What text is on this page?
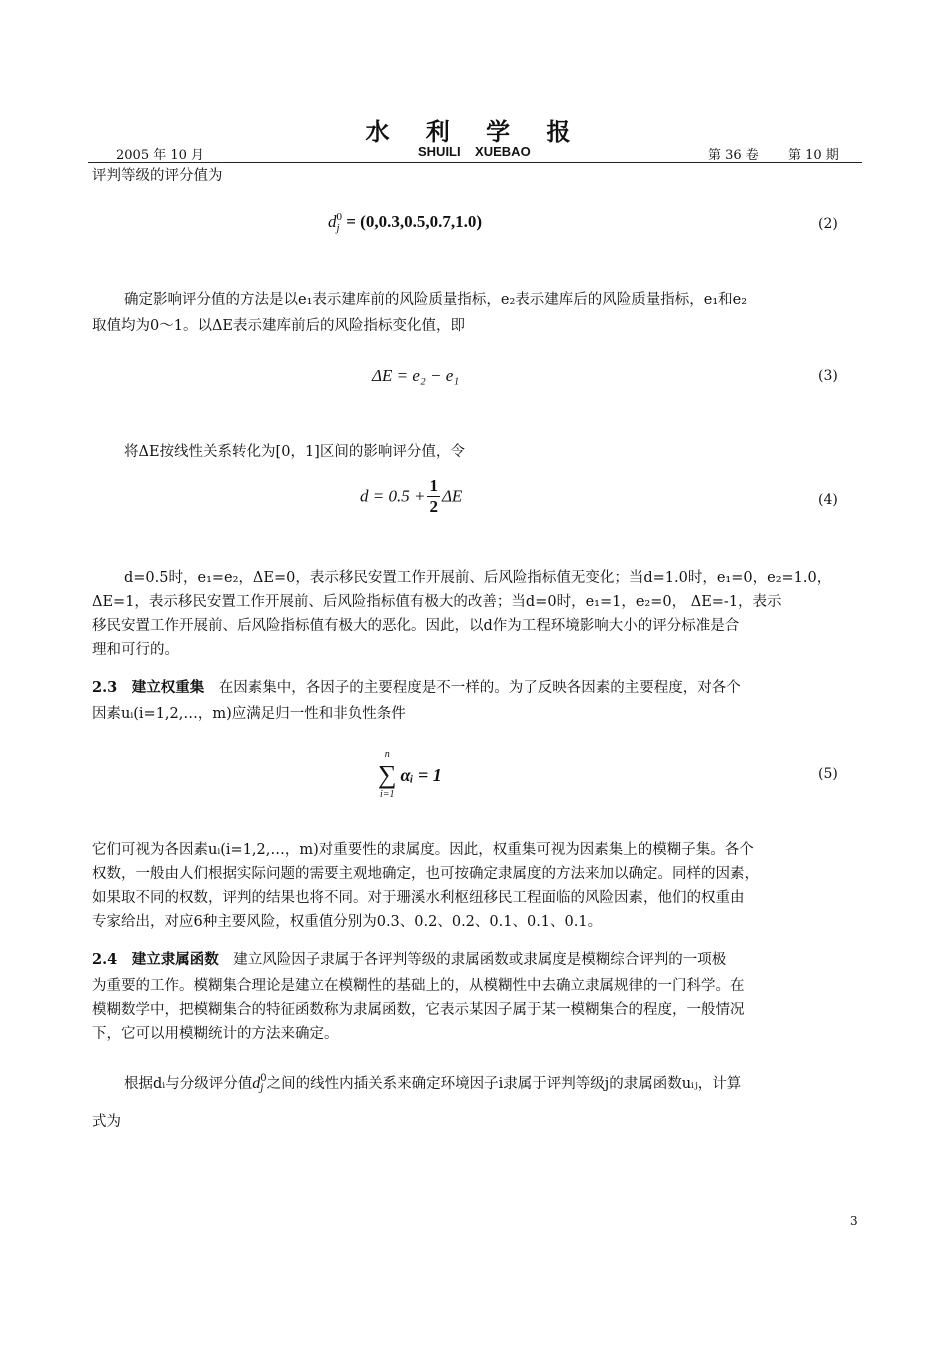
水 利 学 报
2005 年 10 月	SHUILI    XUEBAO	第 36 卷 第 10 期
评判等级的评分值为
d 0
j = (0,0.3,0.5,0.7,1.0)	(2)
确定影响评分值的方法是以e₁表示建库前的风险质量指标，e₂表示建库后的风险质量指标，e₁和e₂
取值均为0～1。以ΔE表示建库前后的风险指标变化值，即
ΔE = e₂ − e₁	(3)
将ΔE按线性关系转化为[0，1]区间的影响评分值，令
$d = 0.5 + \frac{1}{2}$ ΔE	(4)
d=0.5时，e₁=e₂，ΔE=0，表示移民安置工作开展前、后风险指标值无变化；当d=1.0时，e₁=0，e₂=1.0，
ΔE=1，表示移民安置工作开展前、后风险指标值有极大的改善；当d=0时，e₁=1，e₂=0， ΔE=-1，表示
移民安置工作开展前、后风险指标值有极大的恶化。因此，以d作为工程环境影响大小的评分标准是合
理和可行的。
2.3　建立权重集　在因素集中，各因子的主要程度是不一样的。为了反映各因素的主要程度，对各个
因素uᵢ(i=1,2,…，m)应满足归一性和非负性条件
n
∑
i=1
αᵢ = 1	(5)
它们可视为各因素uᵢ(i=1,2,…，m)对重要性的隶属度。因此，权重集可视为因素集上的模糊子集。各个
权数，一般由人们根据实际问题的需要主观地确定，也可按确定隶属度的方法来加以确定。同样的因素，
如果取不同的权数，评判的结果也将不同。对于珊溪水利枢纽移民工程面临的风险因素，他们的权重由
专家给出，对应6种主要风险，权重值分别为0.3、0.2、0.2、0.1、0.1、0.1。
2.4　建立隶属函数　建立风险因子隶属于各评判等级的隶属函数或隶属度是模糊综合评判的一项极
为重要的工作。模糊集合理论是建立在模糊性的基础上的，从模糊性中去确立隶属规律的一门科学。在
模糊数学中，把模糊集合的特征函数称为隶属函数，它表示某因子属于某一模糊集合的程度，一般情况
下，它可以用模糊统计的方法来确定。
根据dᵢ与分级评分值d 0
j 之间的线性内插关系来确定环境因子i隶属于评判等级j的隶属函数uᵢⱼ，计算
式为
3
